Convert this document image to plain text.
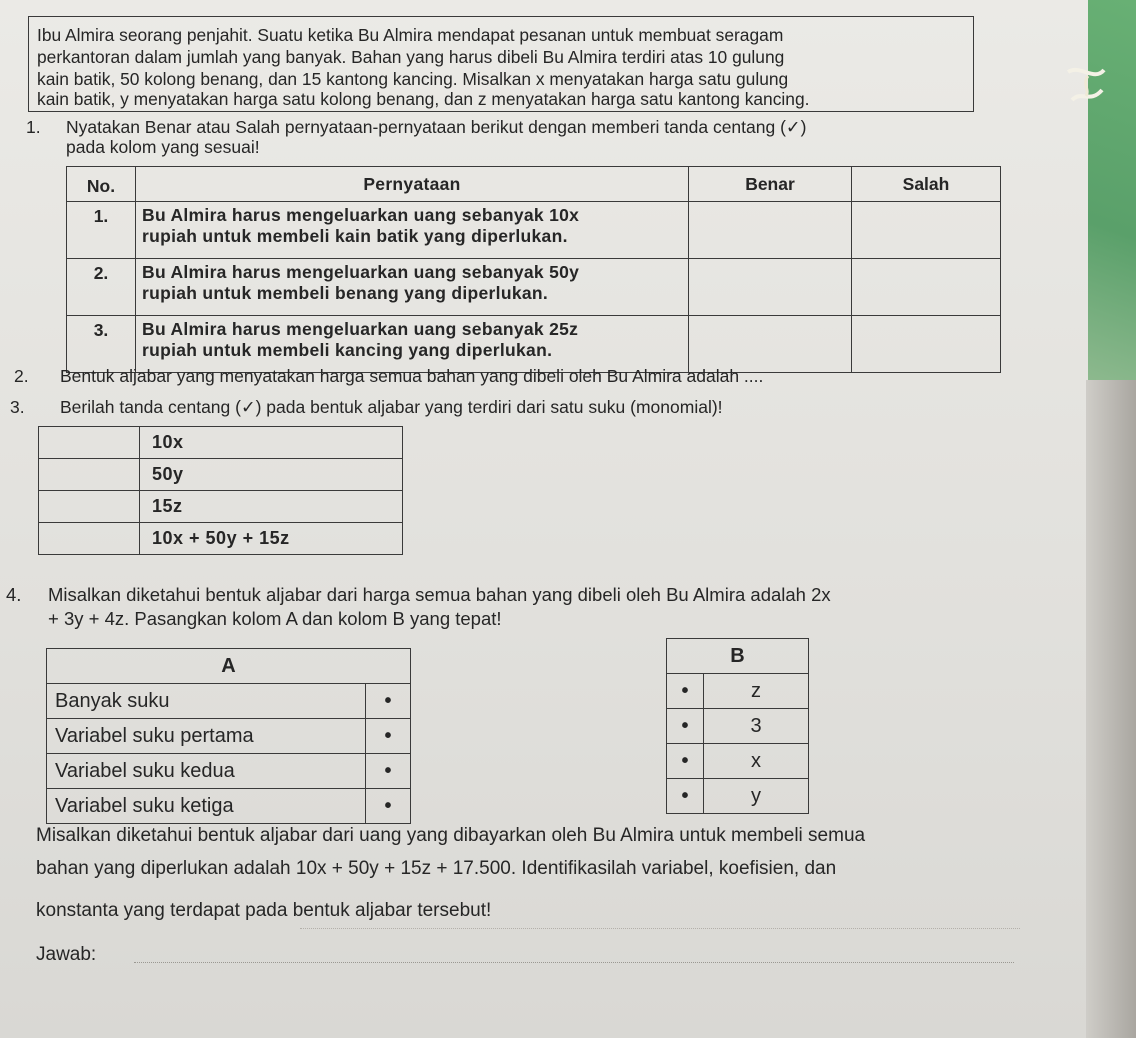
Ibu Almira seorang penjahit. Suatu ketika Bu Almira mendapat pesanan untuk membuat seragam
perkantoran dalam jumlah yang banyak. Bahan yang harus dibeli Bu Almira terdiri atas 10 gulung
kain batik, 50 kolong benang, dan 15 kantong kancing. Misalkan x menyatakan harga satu gulung
kain batik, y menyatakan harga satu kolong benang, dan z menyatakan harga satu kantong kancing.
1. Nyatakan Benar atau Salah pernyataan-pernyataan berikut dengan memberi tanda centang (✓)
pada kolom yang sesuai!
No.	Pernyataan	Benar	Salah
1.	Bu Almira harus mengeluarkan uang sebanyak 10x
rupiah untuk membeli kain batik yang diperlukan.		

2.	Bu Almira harus mengeluarkan uang sebanyak 50y
rupiah untuk membeli benang yang diperlukan.		

3.	Bu Almira harus mengeluarkan uang sebanyak 25z
rupiah untuk membeli kancing yang diperlukan.		

2. Bentuk aljabar yang menyatakan harga semua bahan yang dibeli oleh Bu Almira adalah ....
3. Berilah tanda centang (✓) pada bentuk aljabar yang terdiri dari satu suku (monomial)!
	10x
	50y
	15z
	10x + 50y + 15z
4. Misalkan diketahui bentuk aljabar dari harga semua bahan yang dibeli oleh Bu Almira adalah 2x
+ 3y + 4z. Pasangkan kolom A dan kolom B yang tepat!
A	
Banyak suku	•
Variabel suku pertama	•
Variabel suku kedua	•
Variabel suku ketiga	•
B	
•	z
•	3
•	x
•	y
Misalkan diketahui bentuk aljabar dari uang yang dibayarkan oleh Bu Almira untuk membeli semua
bahan yang diperlukan adalah 10x + 50y + 15z + 17.500. Identifikasilah variabel, koefisien, dan
konstanta yang terdapat pada bentuk aljabar tersebut!
Jawab:
